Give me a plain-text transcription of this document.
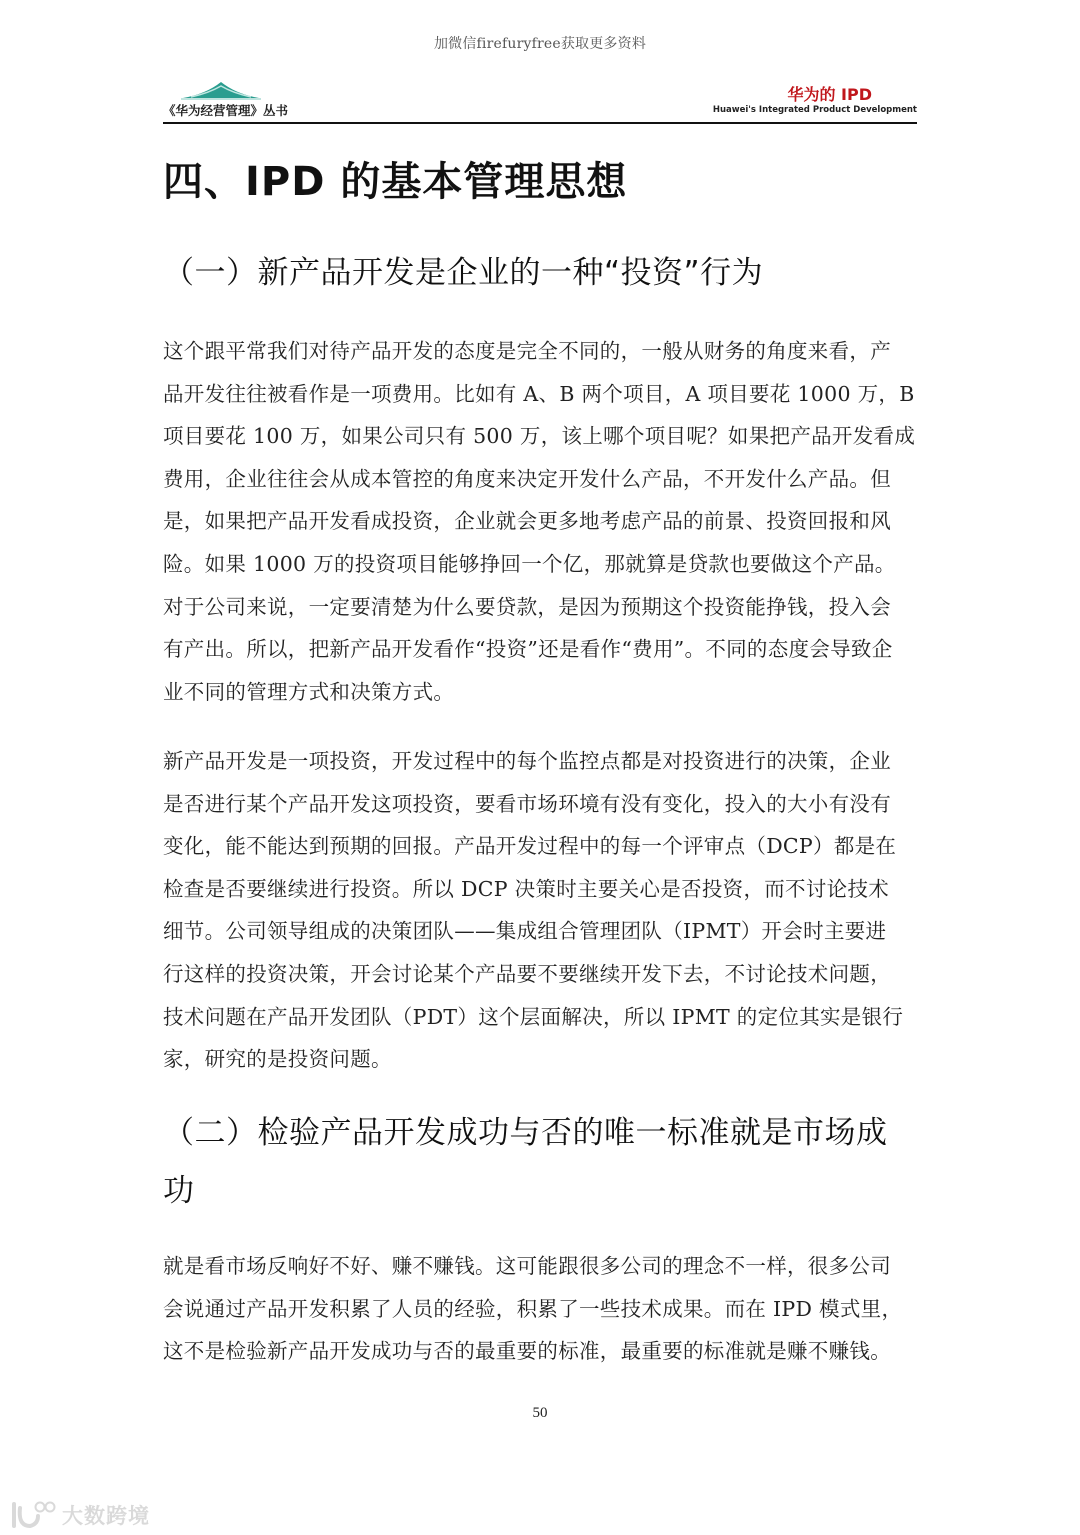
加微信firefuryfree获取更多资料
《华为经营管理》丛书
华为的 IPD
Huawei's Integrated Product Development
四、IPD 的基本管理思想
（一）新产品开发是企业的一种“投资”行为
这个跟平常我们对待产品开发的态度是完全不同的，一般从财务的角度来看，产
品开发往往被看作是一项费用。比如有 A、B 两个项目，A 项目要花 1000 万，B
项目要花 100 万，如果公司只有 500 万，该上哪个项目呢？如果把产品开发看成
费用，企业往往会从成本管控的角度来决定开发什么产品，不开发什么产品。但
是，如果把产品开发看成投资，企业就会更多地考虑产品的前景、投资回报和风
险。如果 1000 万的投资项目能够挣回一个亿，那就算是贷款也要做这个产品。
对于公司来说，一定要清楚为什么要贷款，是因为预期这个投资能挣钱，投入会
有产出。所以，把新产品开发看作“投资”还是看作“费用”。不同的态度会导致企
业不同的管理方式和决策方式。
新产品开发是一项投资，开发过程中的每个监控点都是对投资进行的决策，企业
是否进行某个产品开发这项投资，要看市场环境有没有变化，投入的大小有没有
变化，能不能达到预期的回报。产品开发过程中的每一个评审点（DCP）都是在
检查是否要继续进行投资。所以 DCP 决策时主要关心是否投资，而不讨论技术
细节。公司领导组成的决策团队——集成组合管理团队（IPMT）开会时主要进
行这样的投资决策，开会讨论某个产品要不要继续开发下去，不讨论技术问题，
技术问题在产品开发团队（PDT）这个层面解决，所以 IPMT 的定位其实是银行
家，研究的是投资问题。
（二）检验产品开发成功与否的唯一标准就是市场成
功
就是看市场反响好不好、赚不赚钱。这可能跟很多公司的理念不一样，很多公司
会说通过产品开发积累了人员的经验，积累了一些技术成果。而在 IPD 模式里，
这不是检验新产品开发成功与否的最重要的标准，最重要的标准就是赚不赚钱。
50
大数跨境
